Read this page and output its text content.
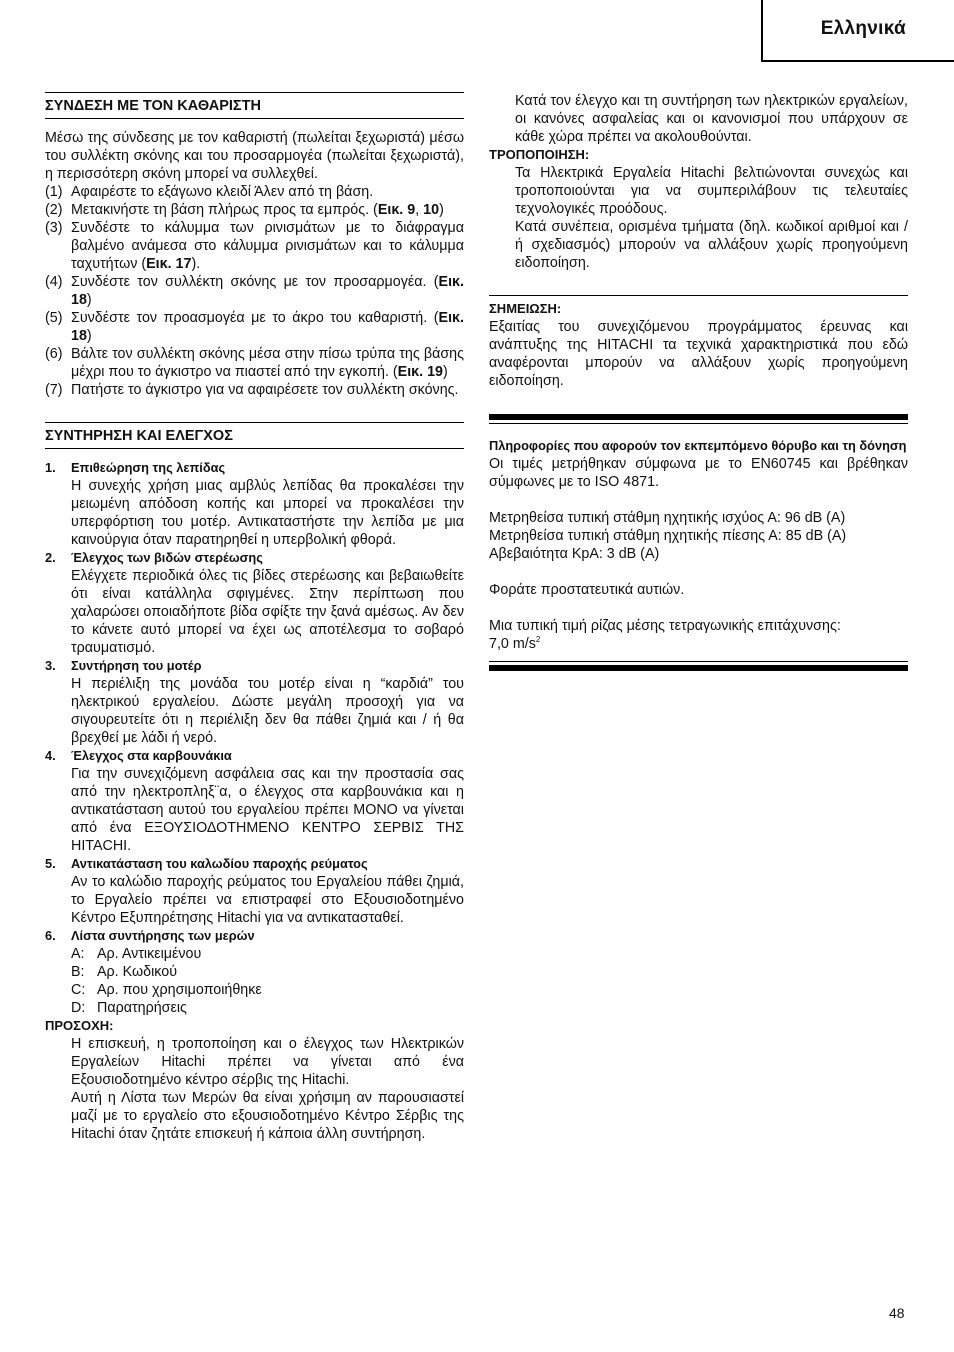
Ελληνικά
ΣΥΝΔΕΣΗ ΜΕ ΤΟΝ ΚΑΘΑΡΙΣΤΗ

Μέσω της σύνδεσης με τον καθαριστή (πωλείται ξεχωριστά) μέσω του συλλέκτη σκόνης και του προσαρμογέα (πωλείται ξεχωριστά), η περισσότερη σκόνη μπορεί να συλλεχθεί.

(1) Αφαιρέστε το εξάγωνο κλειδί Άλεν από τη βάση.
(2) Μετακινήστε τη βάση πλήρως προς τα εμπρός. (Εικ. 9, 10)
(3) Συνδέστε το κάλυμμα των ρινισμάτων με το διάφραγμα βαλμένο ανάμεσα στο κάλυμμα ρινισμάτων και το κάλυμμα ταχυτήτων (Εικ. 17).
(4) Συνδέστε τον συλλέκτη σκόνης με τον προσαρμογέα. (Εικ. 18)
(5) Συνδέστε τον προασμογέα με το άκρο του καθαριστή. (Εικ. 18)
(6) Βάλτε τον συλλέκτη σκόνης μέσα στην πίσω τρύπα της βάσης μέχρι που το άγκιστρο να πιαστεί από την εγκοπή. (Εικ. 19)
(7) Πατήστε το άγκιστρο για να αφαιρέσετε τον συλλέκτη σκόνης.
ΣΥΝΤΗΡΗΣΗ ΚΑΙ ΕΛΕΓΧΟΣ
1.	Επιθεώρηση της λεπίδας

Η συνεχής χρήση μιας αμβλύς λεπίδας θα προκαλέσει την μειωμένη απόδοση κοπής και μπορεί να προκαλέσει την υπερφόρτιση του μοτέρ. Αντικαταστήστε την λεπίδα με μια καινούργια όταν παρατηρηθεί η υπερβολική φθορά.

2.	Έλεγχος των βιδών στερέωσης

Ελέγχετε περιοδικά όλες τις βίδες στερέωσης και βεβαιωθείτε ότι είναι κατάλληλα σφιγμένες. Στην περίπτωση που χαλαρώσει οποιαδήποτε βίδα σφίξτε την ξανά αμέσως. Αν δεν το κάνετε αυτό μπορεί να έχει ως αποτέλεσμα το σοβαρό τραυματισμό.

3.	Συντήρηση του μοτέρ

Η περιέλιξη της μονάδα του μοτέρ είναι η “καρδιά” του ηλεκτρικού εργαλείου. Δώστε μεγάλη προσοχή για να σιγουρευτείτε ότι η περιέλιξη δεν θα πάθει ζημιά και / ή θα βρεχθεί με λάδι ή νερό.

4.	Έλεγχος στα καρβουνάκια

Για την συνεχιζόμενη ασφάλεια σας και την προστασία σας από την ηλεκτροπληξ¨α, ο έλεγχος στα καρβουνάκια και η αντικατάσταση αυτού του εργαλείου πρέπει ΜΟΝΟ να γίνεται από ένα ΕΞΟΥΣΙΟΔΟΤΗΜΕΝΟ ΚΕΝΤΡΟ ΣΕΡΒΙΣ ΤΗΣ HITACHI.

5.	Αντικατάσταση του καλωδίου παροχής ρεύματος

Αν το καλώδιο παροχής ρεύματος του Εργαλείου πάθει ζημιά, το Εργαλείο πρέπει να επιστραφεί στο Εξουσιοδοτημένο Κέντρο Εξυπηρέτησης Hitachi για να αντικατασταθεί.

6.	Λίστα συντήρησης των μερών
A: Αρ. Αντικειμένου
B: Αρ. Κωδικού
C: Αρ. που χρησιμοποιήθηκε
D: Παρατηρήσεις
ΠΡΟΣΟΧΗ:

Η επισκευή, η τροποποίηση και ο έλεγχος των Ηλεκτρικών Εργαλείων Hitachi πρέπει να γίνεται από ένα Εξουσιοδοτημένο κέντρο σέρβις της Hitachi.

Αυτή η Λίστα των Μερών θα είναι χρήσιμη αν παρουσιαστεί μαζί με το εργαλείο στο εξουσιοδοτημένο Κέντρο Σέρβις της Hitachi όταν ζητάτε επισκευή ή κάποια άλλη συντήρηση.

Κατά τον έλεγχο και τη συντήρηση των ηλεκτρικών εργαλείων, οι κανόνες ασφαλείας και οι κανονισμοί που υπάρχουν σε κάθε χώρα πρέπει να ακολουθούνται.

ΤΡΟΠΟΠΟΙΗΣΗ:

Τα Ηλεκτρικά Εργαλεία Hitachi βελτιώνονται συνεχώς και τροποποιούνται για να συμπεριλάβουν τις τελευταίες τεχνολογικές προόδους.

Κατά συνέπεια, ορισμένα τμήματα (δηλ. κωδικοί αριθμοί και / ή σχεδιασμός) μπορούν να αλλάξουν χωρίς προηγούμενη ειδοποίηση.

ΣΗΜΕΙΩΣΗ:

Εξαιτίας του συνεχιζόμενου προγράμματος έρευνας και ανάπτυξης της HITACHI τα τεχνικά χαρακτηριστικά που εδώ αναφέρονται μπορούν να αλλάξουν χωρίς προηγούμενη ειδοποίηση.

Πληροφορίες που αφορούν τον εκπεμπόμενο θόρυβο και τη δόνηση

Οι τιμές μετρήθηκαν σύμφωνα με το EN60745 και βρέθηκαν σύμφωνες με το ISO 4871.

Μετρηθείσα τυπική στάθμη ηχητικής ισχύος Α: 96 dB (A)

Μετρηθείσα τυπική στάθμη ηχητικής πίεσης Α: 85 dB (A)

Αβεβαιότητα KpA: 3 dB (A)

Φοράτε προστατευτικά αυτιών.

Μια τυπική τιμή ρίζας μέσης τετραγωνικής επιτάχυνσης:

7,0 $m/s^2$

48
